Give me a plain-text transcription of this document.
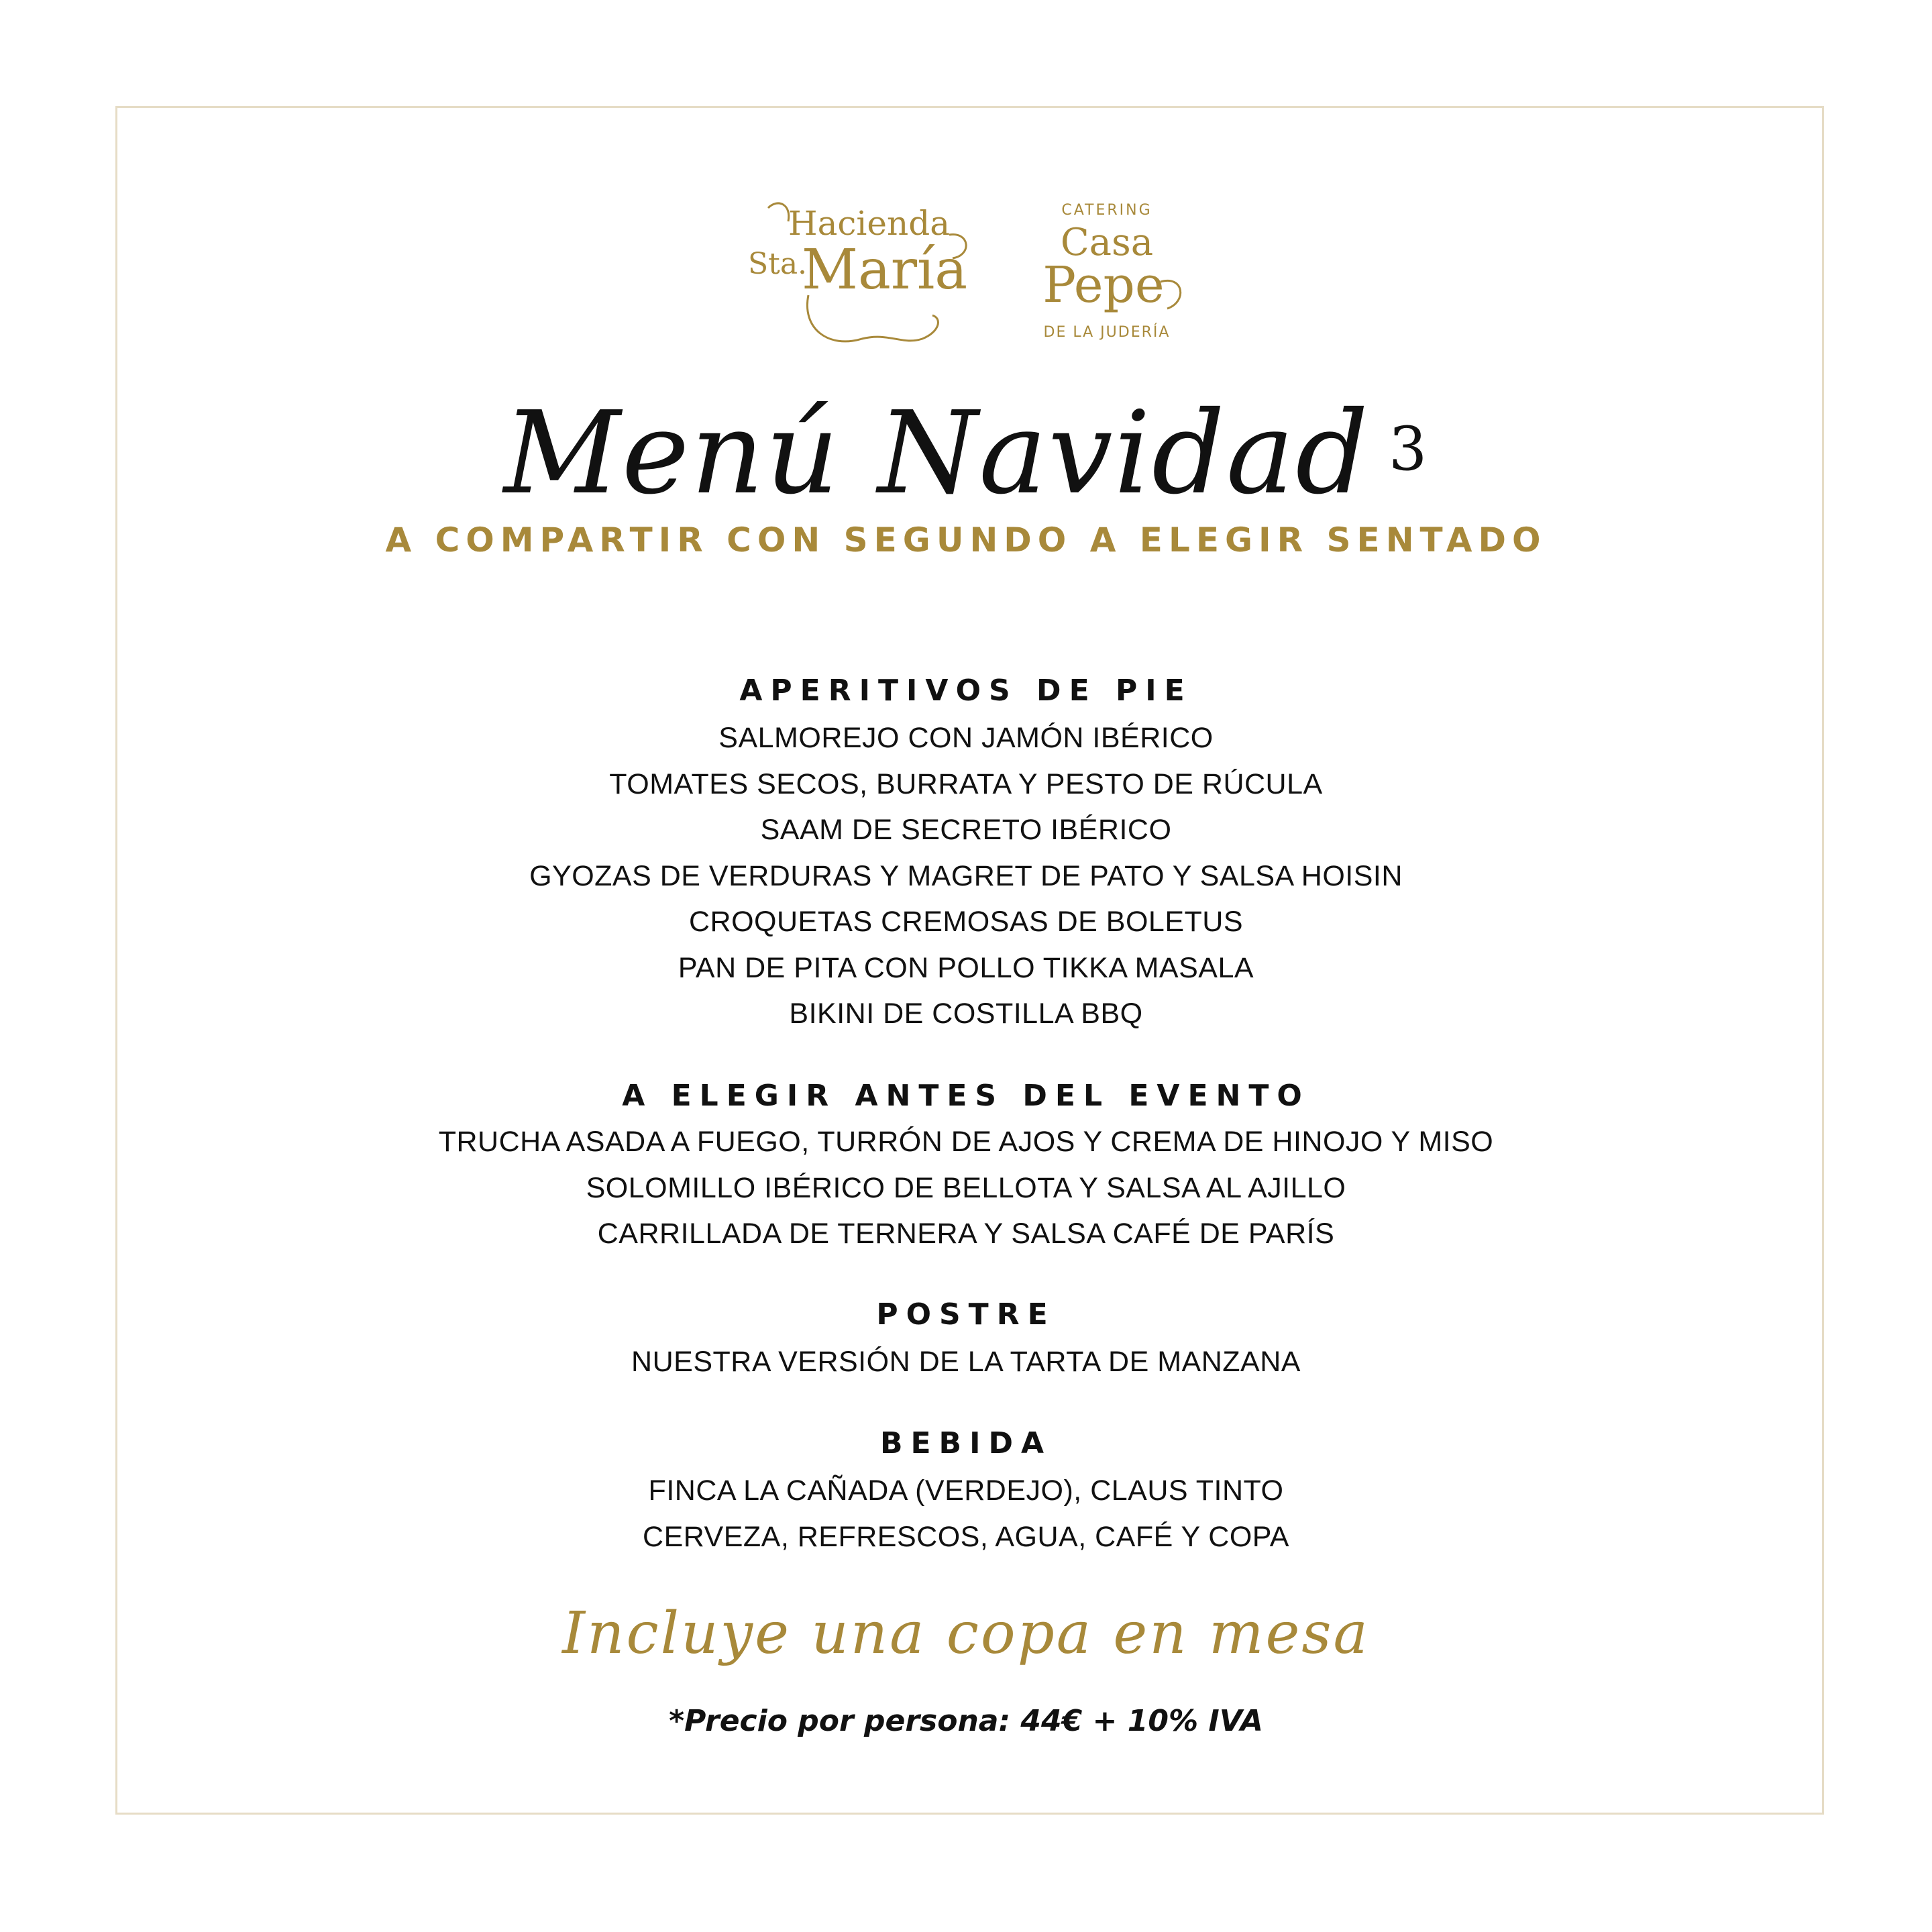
Hacienda
Sta.
María
CATERING
Casa
Pepe
DE LA JUDERÍA
Menú Navidad $^3$
A COMPARTIR CON SEGUNDO A ELEGIR SENTADO
APERITIVOS DE PIE
SALMOREJO CON JAMÓN IBÉRICO
TOMATES SECOS, BURRATA Y PESTO DE RÚCULA
SAAM DE SECRETO IBÉRICO
GYOZAS DE VERDURAS Y MAGRET DE PATO Y SALSA HOISIN
CROQUETAS CREMOSAS DE BOLETUS
PAN DE PITA CON POLLO TIKKA MASALA
BIKINI DE COSTILLA BBQ
A ELEGIR ANTES DEL EVENTO
TRUCHA ASADA A FUEGO, TURRÓN DE AJOS Y CREMA DE HINOJO Y MISO
SOLOMILLO IBÉRICO DE BELLOTA Y SALSA AL AJILLO
CARRILLADA DE TERNERA Y SALSA CAFÉ DE PARÍS
POSTRE
NUESTRA VERSIÓN DE LA TARTA DE MANZANA
BEBIDA
FINCA LA CAÑADA (VERDEJO), CLAUS TINTO
CERVEZA, REFRESCOS, AGUA, CAFÉ Y COPA
Incluye una copa en mesa
*Precio por persona: 44€ + 10% IVA
